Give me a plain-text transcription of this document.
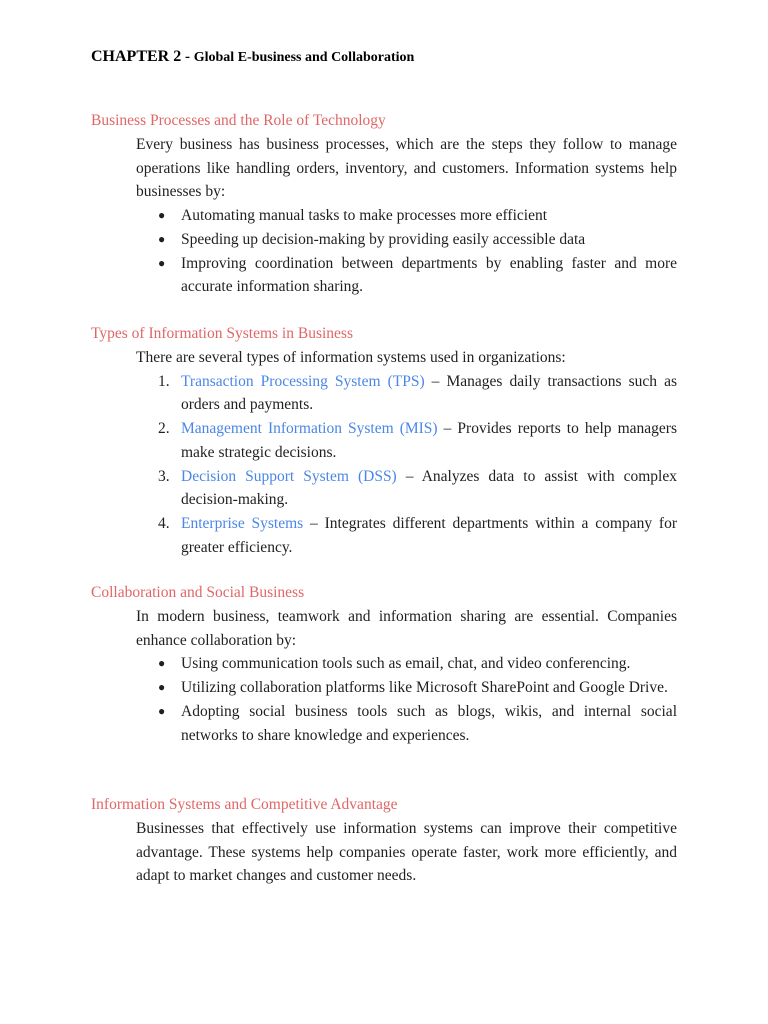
CHAPTER 2 - Global E-business and Collaboration
Business Processes and the Role of Technology
Every business has business processes, which are the steps they follow to manage operations like handling orders, inventory, and customers. Information systems help businesses by:
●	Automating manual tasks to make processes more efficient
●	Speeding up decision-making by providing easily accessible data
●	Improving coordination between departments by enabling faster and more accurate information sharing.
Types of Information Systems in Business
There are several types of information systems used in organizations:
1. Transaction Processing System (TPS) – Manages daily transactions such as orders and payments.
2. Management Information System (MIS) – Provides reports to help managers make strategic decisions.
3. Decision Support System (DSS) – Analyzes data to assist with complex decision-making.
4. Enterprise Systems – Integrates different departments within a company for greater efficiency.
Collaboration and Social Business
In modern business, teamwork and information sharing are essential. Companies enhance collaboration by:
●	Using communication tools such as email, chat, and video conferencing.
●	Utilizing collaboration platforms like Microsoft SharePoint and Google Drive.
●	Adopting social business tools such as blogs, wikis, and internal social networks to share knowledge and experiences.
Information Systems and Competitive Advantage
Businesses that effectively use information systems can improve their competitive advantage. These systems help companies operate faster, work more efficiently, and adapt to market changes and customer needs.
